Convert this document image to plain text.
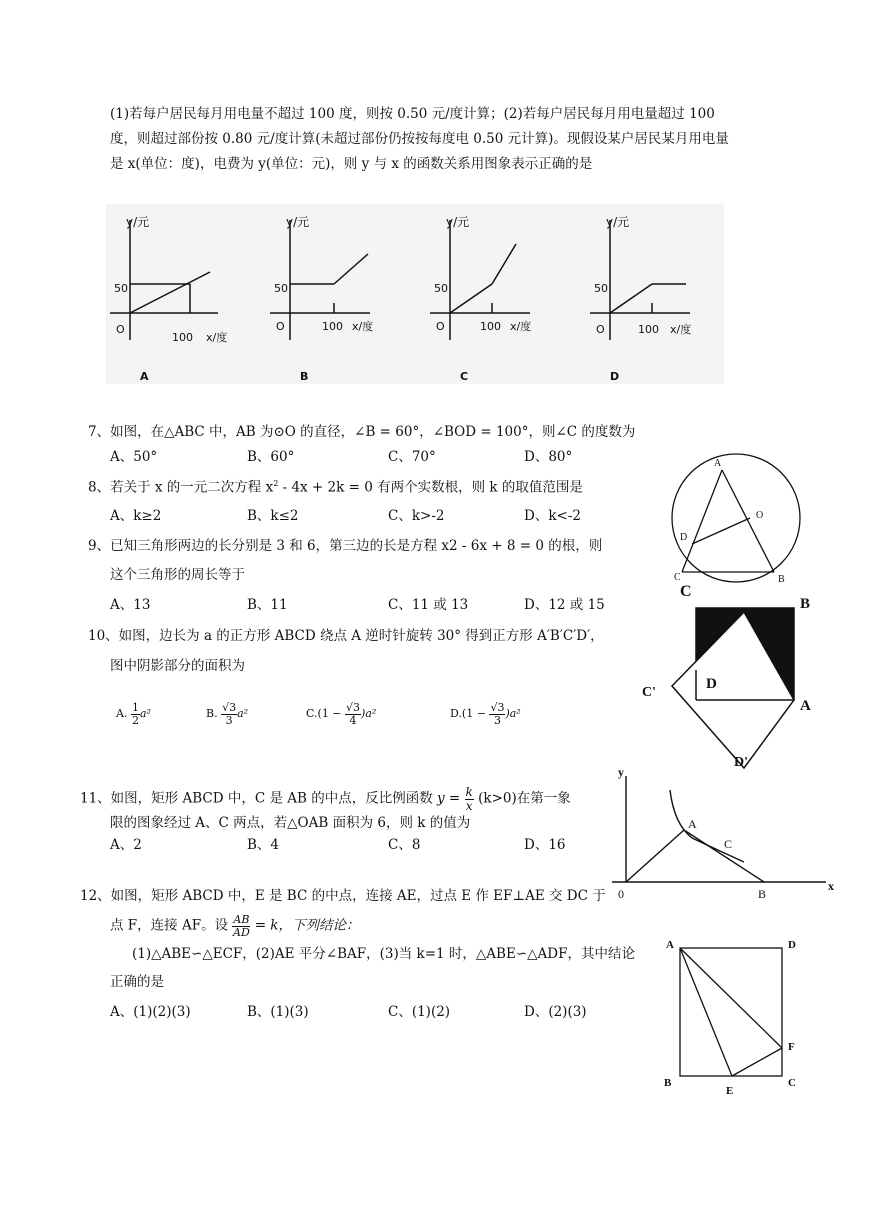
(1)若每户居民每月用电量不超过 100 度，则按 0.50 元/度计算；(2)若每户居民每月用电量超过 100
度，则超过部份按 0.80 元/度计算(未超过部份仍按按每度电 0.50 元计算)。现假设某户居民某月用电量
是 x(单位：度)，电费为 y(单位：元)，则 y 与 x 的函数关系用图象表示正确的是
y/元
50
O
100 x/度
A
y/元
50
O	100 x/度
B
y/元
50
O	100 x/度
C
y/元
50
O	100 x/度
D
7、如图，在△ABC 中，AB 为⊙O 的直径，∠B = 60°，∠BOD = 100°，则∠C 的度数为
A、50°	B、60°	C、70°	D、80°
8、若关于 x 的一元二次方程 $x^2 - 4x + 2k = 0$ 有两个实数根，则 k 的取值范围是
A、k≥2	B、k≤2	C、k>-2	D、k<-2
9、已知三角形两边的长分别是 3 和 6，第三边的长是方程 x2 - 6x + 8 = 0 的根，则
这个三角形的周长等于
A、13	B、11	C、11 或 13	D、12 或 15
10、如图，边长为 a 的正方形 ABCD 绕点 A 逆时针旋转 30° 得到正方形 A′B′C′D′，
图中阴影部分的面积为
A. $\frac{1}{2} a^2$	B. $\frac{√3}{3} a^2$	$C.(1 - \frac{√3}{4} )a^2$	$D.(1 - \frac{√3}{3} )a^2$
11、如图，矩形 ABCD 中，C 是 AB 的中点，反比例函数 $y = \frac{k}{x} (k>0)$在第一象
限的图象经过 A、C 两点，若△OAB 面积为 6，则 k 的值为
A、2	B、4	C、8	D、16
12、如图，矩形 ABCD 中，E 是 BC 的中点，连接 AE，过点 E 作 EF⊥AE 交 DC 于
点 F，连接 AF。设 $\frac{AB}{AD} = k$，下列结论：
(1)△ABE∽△ECF，(2)AE 平分∠BAF，(3)当 k=1 时，△ABE∽△ADF，其中结论
正确的是
A、(1)(2)(3)	B、(1)(3)	C、(1)(2)	D、(2)(3)
A
O
D
C	B
C
B
D
A
C'
D'
y
A
C
0	B
x
A	D
F
B
E
C
